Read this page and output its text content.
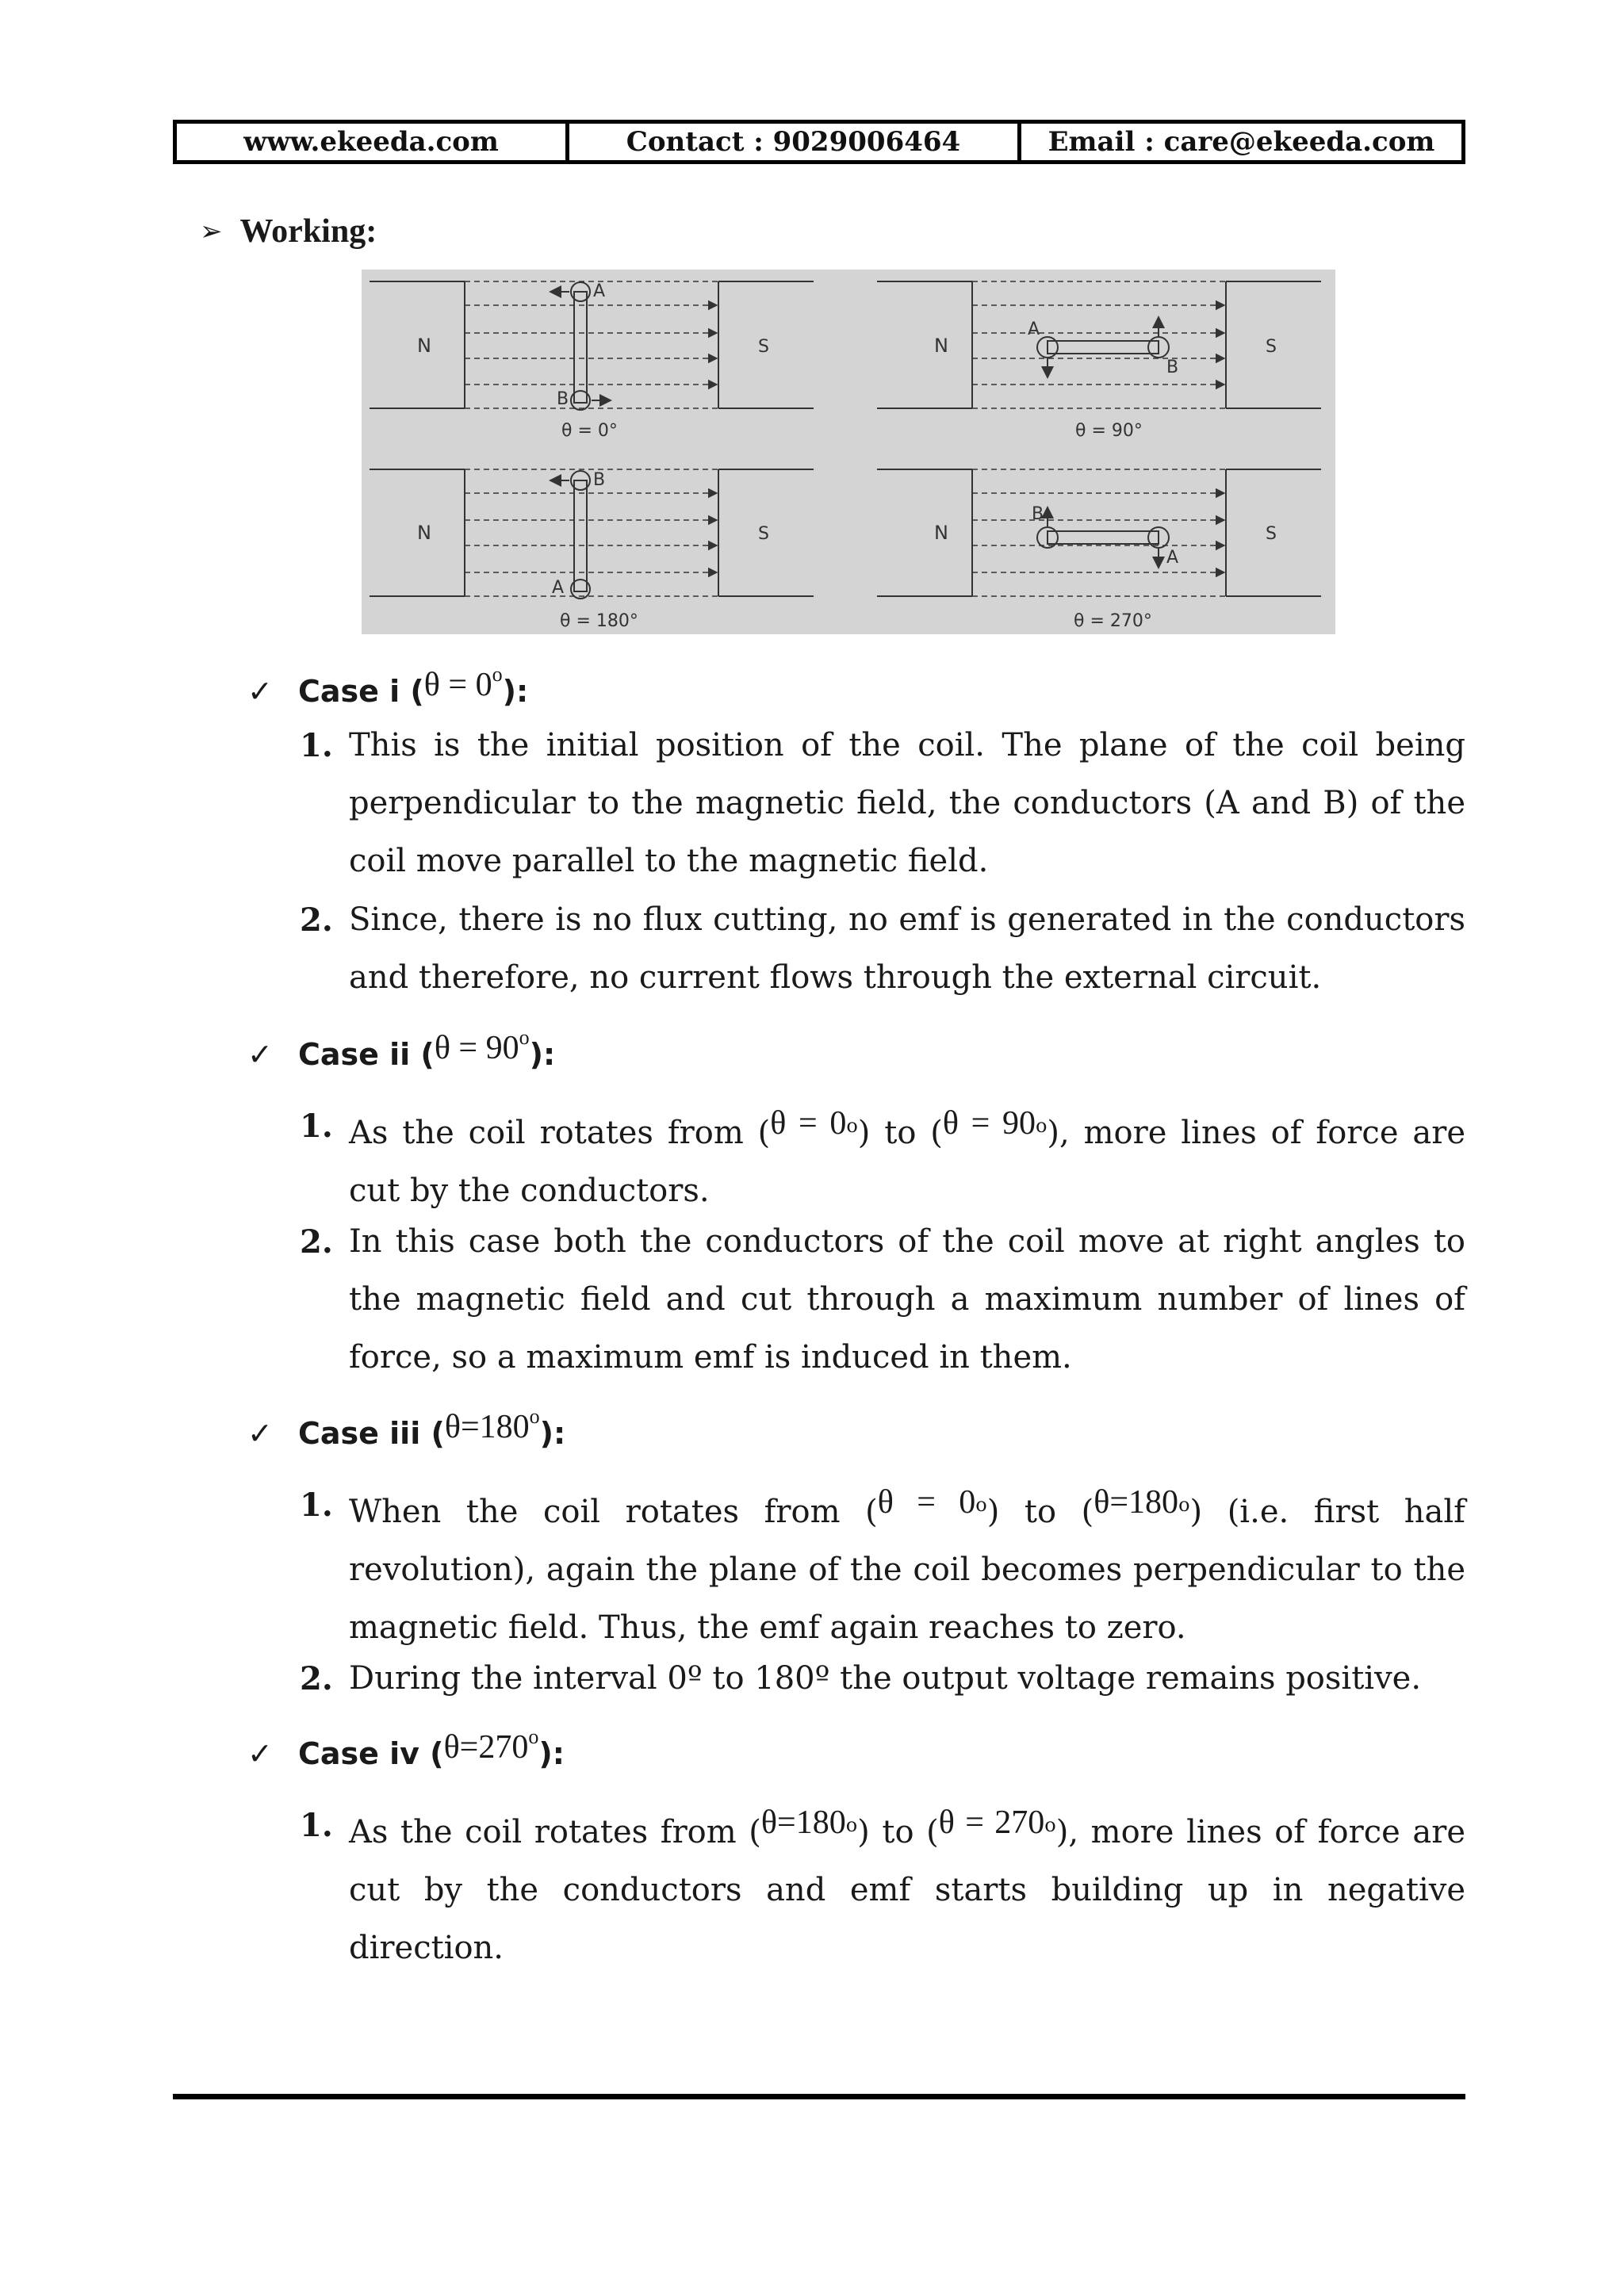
www.ekeeda.com	Contact : 9029006464	Email : care@ekeeda.com
➢ Working:
N	S
A
B
θ = 0°
N	S
A
B
θ = 90°
N	S
B
A
θ = 180°
N	S
B
A
θ = 270°
✓ Case i ( $\theta = 0^o$ ):
1. This is the initial position of the coil. The plane of the coil being
perpendicular to the magnetic field, the conductors (A and B) of the
coil move parallel to the magnetic field.
2. Since, there is no flux cutting, no emf is generated in the conductors
and therefore, no current flows through the external circuit.
✓ Case ii ( $\theta = 90^o$ ):
1. As the coil rotates from $(\theta = 0^o)$ to $(\theta = 90^o)$, more lines of force are
cut by the conductors.
2. In this case both the conductors of the coil move at right angles to
the magnetic field and cut through a maximum number of lines of
force, so a maximum emf is induced in them.
✓ Case iii ( $\theta=180^o$ ):
1. When the coil rotates from $(\theta = 0^o)$ to $(\theta=180^o)$ (i.e. first half
revolution), again the plane of the coil becomes perpendicular to the
magnetic field. Thus, the emf again reaches to zero.
2. During the interval 0º to 180º the output voltage remains positive.
✓ Case iv ( $\theta=270^o$ ):
1. As the coil rotates from $(\theta=180^o)$ to $(\theta = 270^o)$, more lines of force are
cut by the conductors and emf starts building up in negative
direction.
